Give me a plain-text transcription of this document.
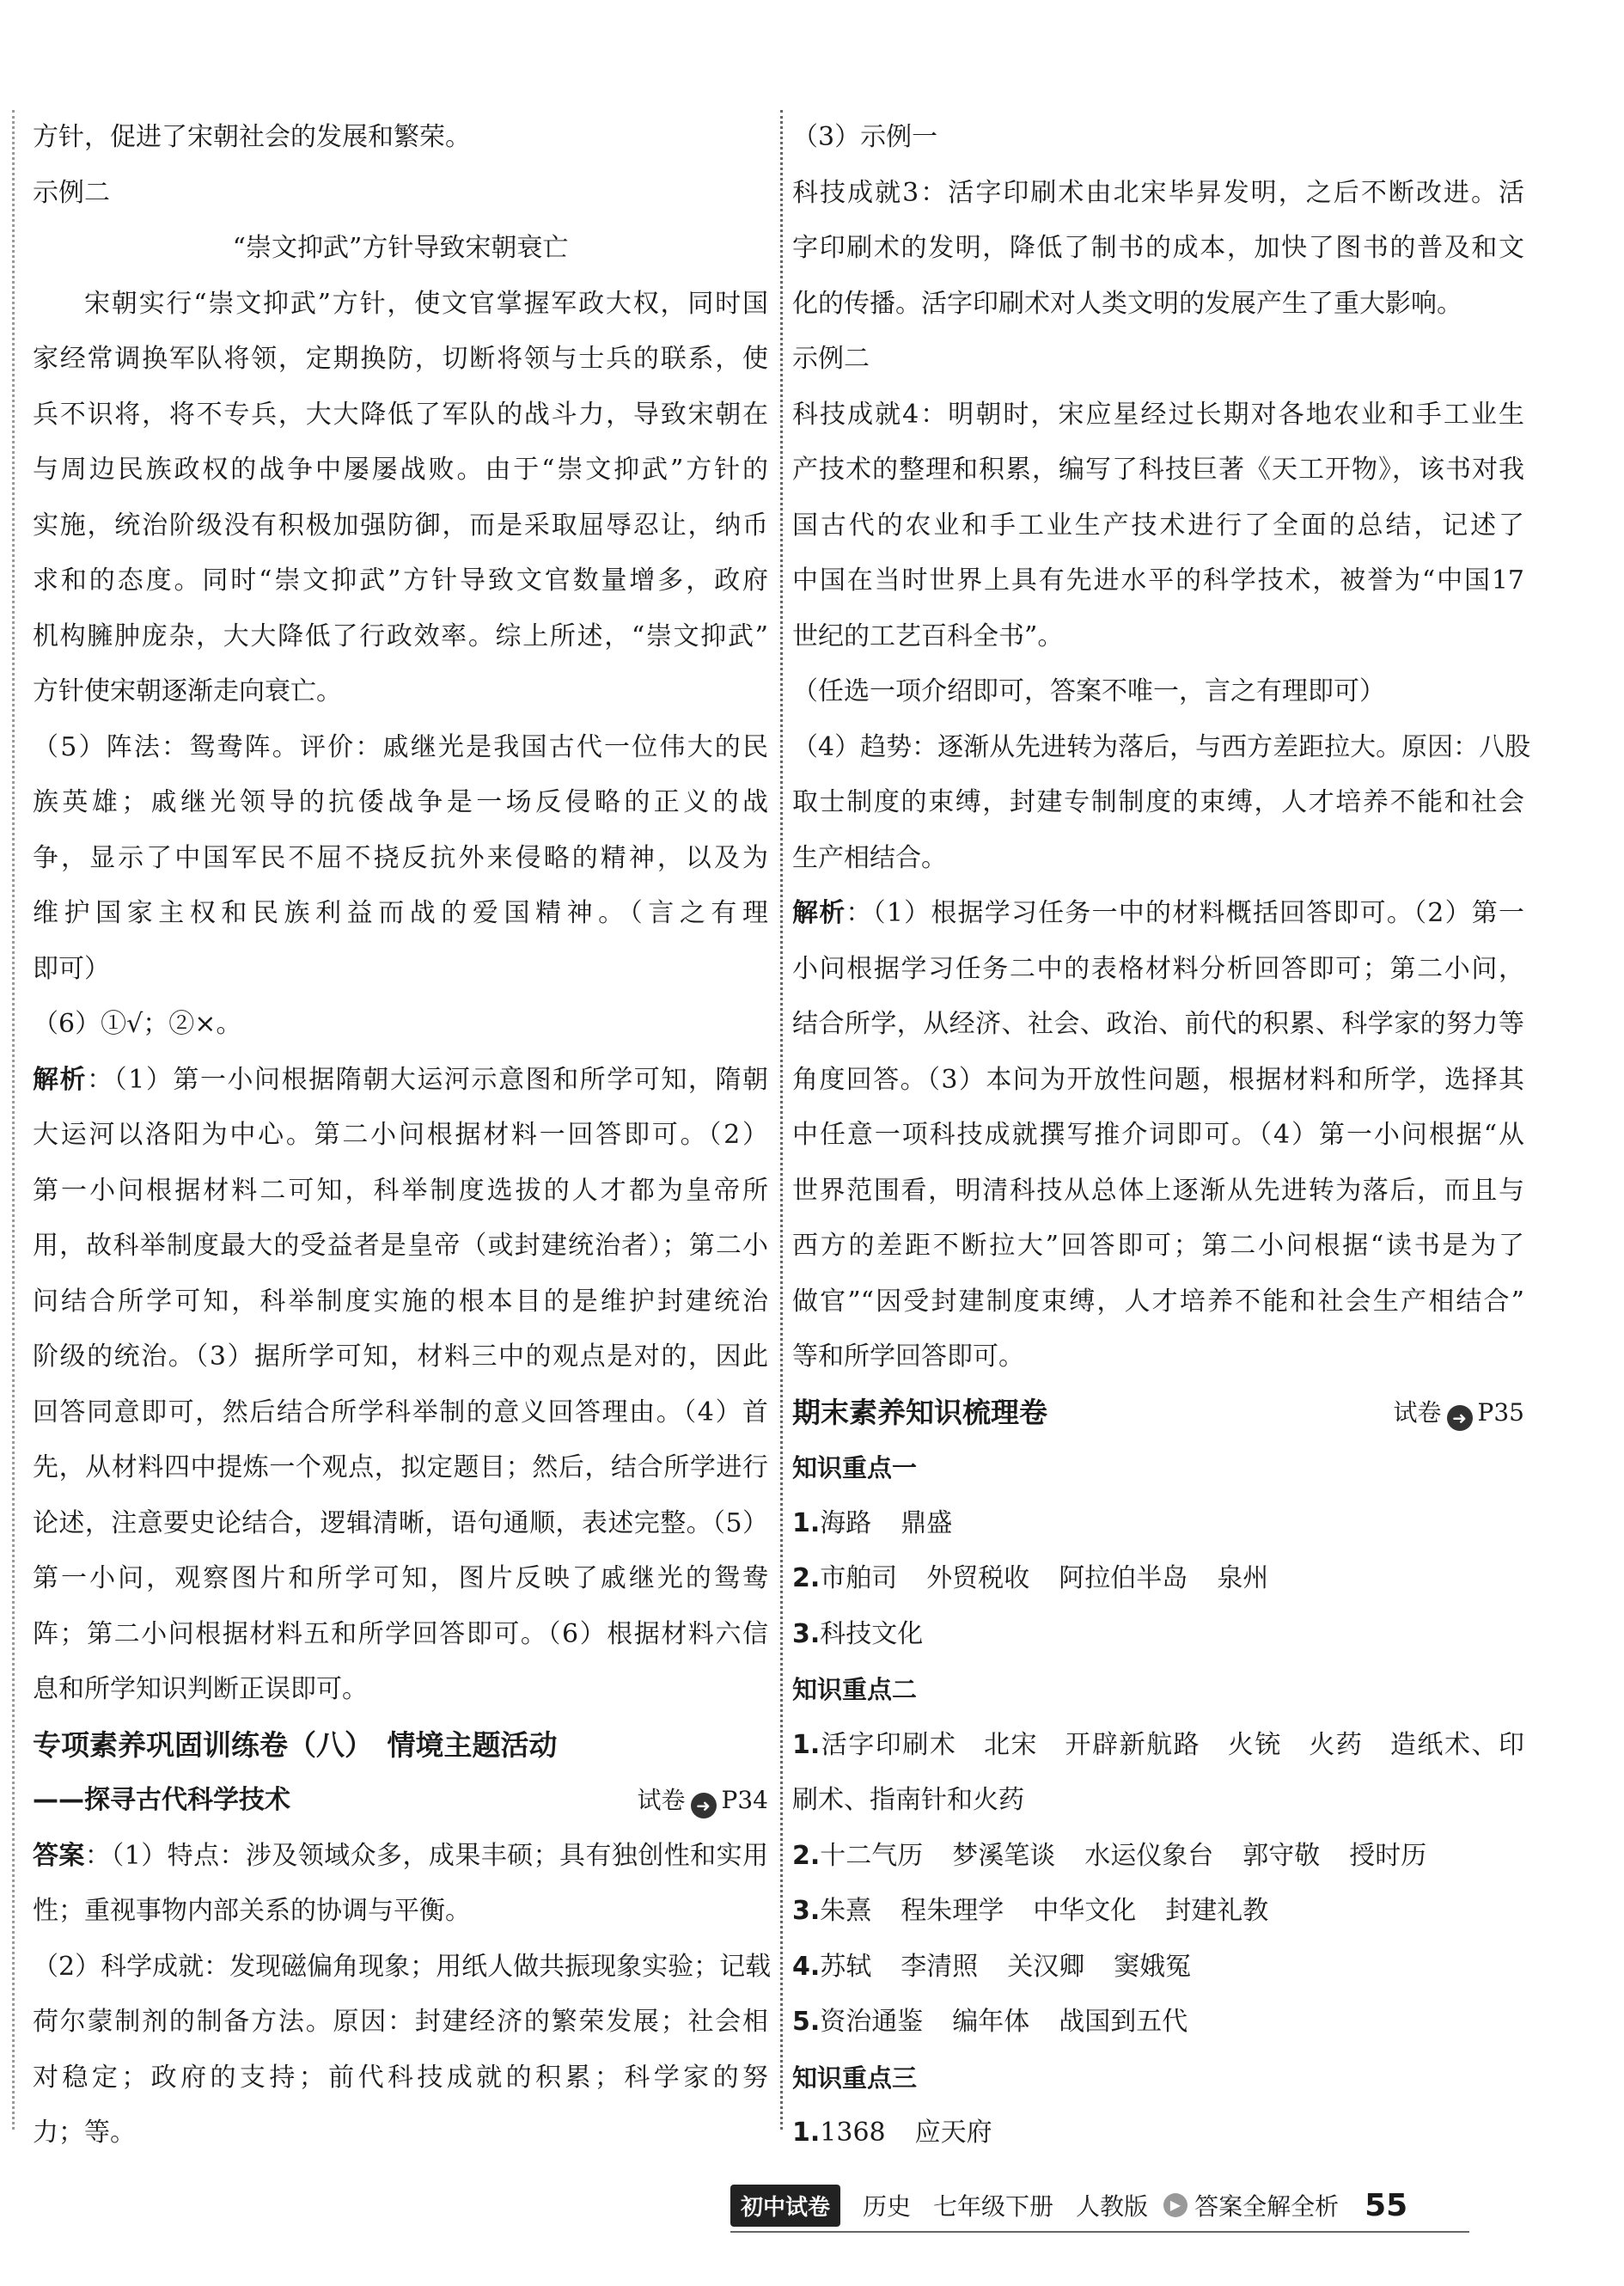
方针，促进了宋朝社会的发展和繁荣。
示例二
“崇文抑武”方针导致宋朝衰亡
宋朝实行“崇文抑武”方针，使文官掌握军政大权，同时国
家经常调换军队将领，定期换防，切断将领与士兵的联系，使
兵不识将，将不专兵，大大降低了军队的战斗力，导致宋朝在
与周边民族政权的战争中屡屡战败。由于“崇文抑武”方针的
实施，统治阶级没有积极加强防御，而是采取屈辱忍让，纳币
求和的态度。同时“崇文抑武”方针导致文官数量增多，政府
机构臃肿庞杂，大大降低了行政效率。综上所述，“崇文抑武”
方针使宋朝逐渐走向衰亡。
（5）阵法：鸳鸯阵。评价：戚继光是我国古代一位伟大的民
族英雄；戚继光领导的抗倭战争是一场反侵略的正义的战
争，显示了中国军民不屈不挠反抗外来侵略的精神，以及为
维护国家主权和民族利益而战的爱国精神。（言之有理
即可）
（6）①√；②×。
解析：（1）第一小问根据隋朝大运河示意图和所学可知，隋朝
大运河以洛阳为中心。第二小问根据材料一回答即可。（2）
第一小问根据材料二可知，科举制度选拔的人才都为皇帝所
用，故科举制度最大的受益者是皇帝（或封建统治者）；第二小
问结合所学可知，科举制度实施的根本目的是维护封建统治
阶级的统治。（3）据所学可知，材料三中的观点是对的，因此
回答同意即可，然后结合所学科举制的意义回答理由。（4）首
先，从材料四中提炼一个观点，拟定题目；然后，结合所学进行
论述，注意要史论结合，逻辑清晰，语句通顺，表述完整。（5）
第一小问，观察图片和所学可知，图片反映了戚继光的鸳鸯
阵；第二小问根据材料五和所学回答即可。（6）根据材料六信
息和所学知识判断正误即可。
专项素养巩固训练卷（八）　情境主题活动
——探寻古代科学技术	试卷 ➜ P34
答案：（1）特点：涉及领域众多，成果丰硕；具有独创性和实用
性；重视事物内部关系的协调与平衡。
（2）科学成就：发现磁偏角现象；用纸人做共振现象实验；记载
荷尔蒙制剂的制备方法。原因：封建经济的繁荣发展；社会相
对稳定；政府的支持；前代科技成就的积累；科学家的努
力；等。
（3）示例一
科技成就3：活字印刷术由北宋毕昇发明，之后不断改进。活
字印刷术的发明，降低了制书的成本，加快了图书的普及和文
化的传播。活字印刷术对人类文明的发展产生了重大影响。
示例二
科技成就4：明朝时，宋应星经过长期对各地农业和手工业生
产技术的整理和积累，编写了科技巨著《天工开物》，该书对我
国古代的农业和手工业生产技术进行了全面的总结，记述了
中国在当时世界上具有先进水平的科学技术，被誉为“中国17
世纪的工艺百科全书”。
（任选一项介绍即可，答案不唯一，言之有理即可）
（4）趋势：逐渐从先进转为落后，与西方差距拉大。原因：八股
取士制度的束缚，封建专制制度的束缚，人才培养不能和社会
生产相结合。
解析：（1）根据学习任务一中的材料概括回答即可。（2）第一
小问根据学习任务二中的表格材料分析回答即可；第二小问，
结合所学，从经济、社会、政治、前代的积累、科学家的努力等
角度回答。（3）本问为开放性问题，根据材料和所学，选择其
中任意一项科技成就撰写推介词即可。（4）第一小问根据“从
世界范围看，明清科技从总体上逐渐从先进转为落后，而且与
西方的差距不断拉大”回答即可；第二小问根据“读书是为了
做官”“因受封建制度束缚，人才培养不能和社会生产相结合”
等和所学回答即可。
期末素养知识梳理卷	试卷 ➜ P35
知识重点一
1.海路 鼎盛
2.市舶司 外贸税收 阿拉伯半岛 泉州
3.科技文化
知识重点二
1.活字印刷术　北宋　开辟新航路　火铳　火药　造纸术、印
刷术、指南针和火药
2.十二气历 梦溪笔谈 水运仪象台 郭守敬 授时历
3.朱熹 程朱理学 中华文化 封建礼教
4.苏轼 李清照 关汉卿 窦娥冤
5.资治通鉴 编年体 战国到五代
知识重点三
1.1368 应天府
初中试卷	历史 七年级下册 人教版	▶ 答案全解全析 55
